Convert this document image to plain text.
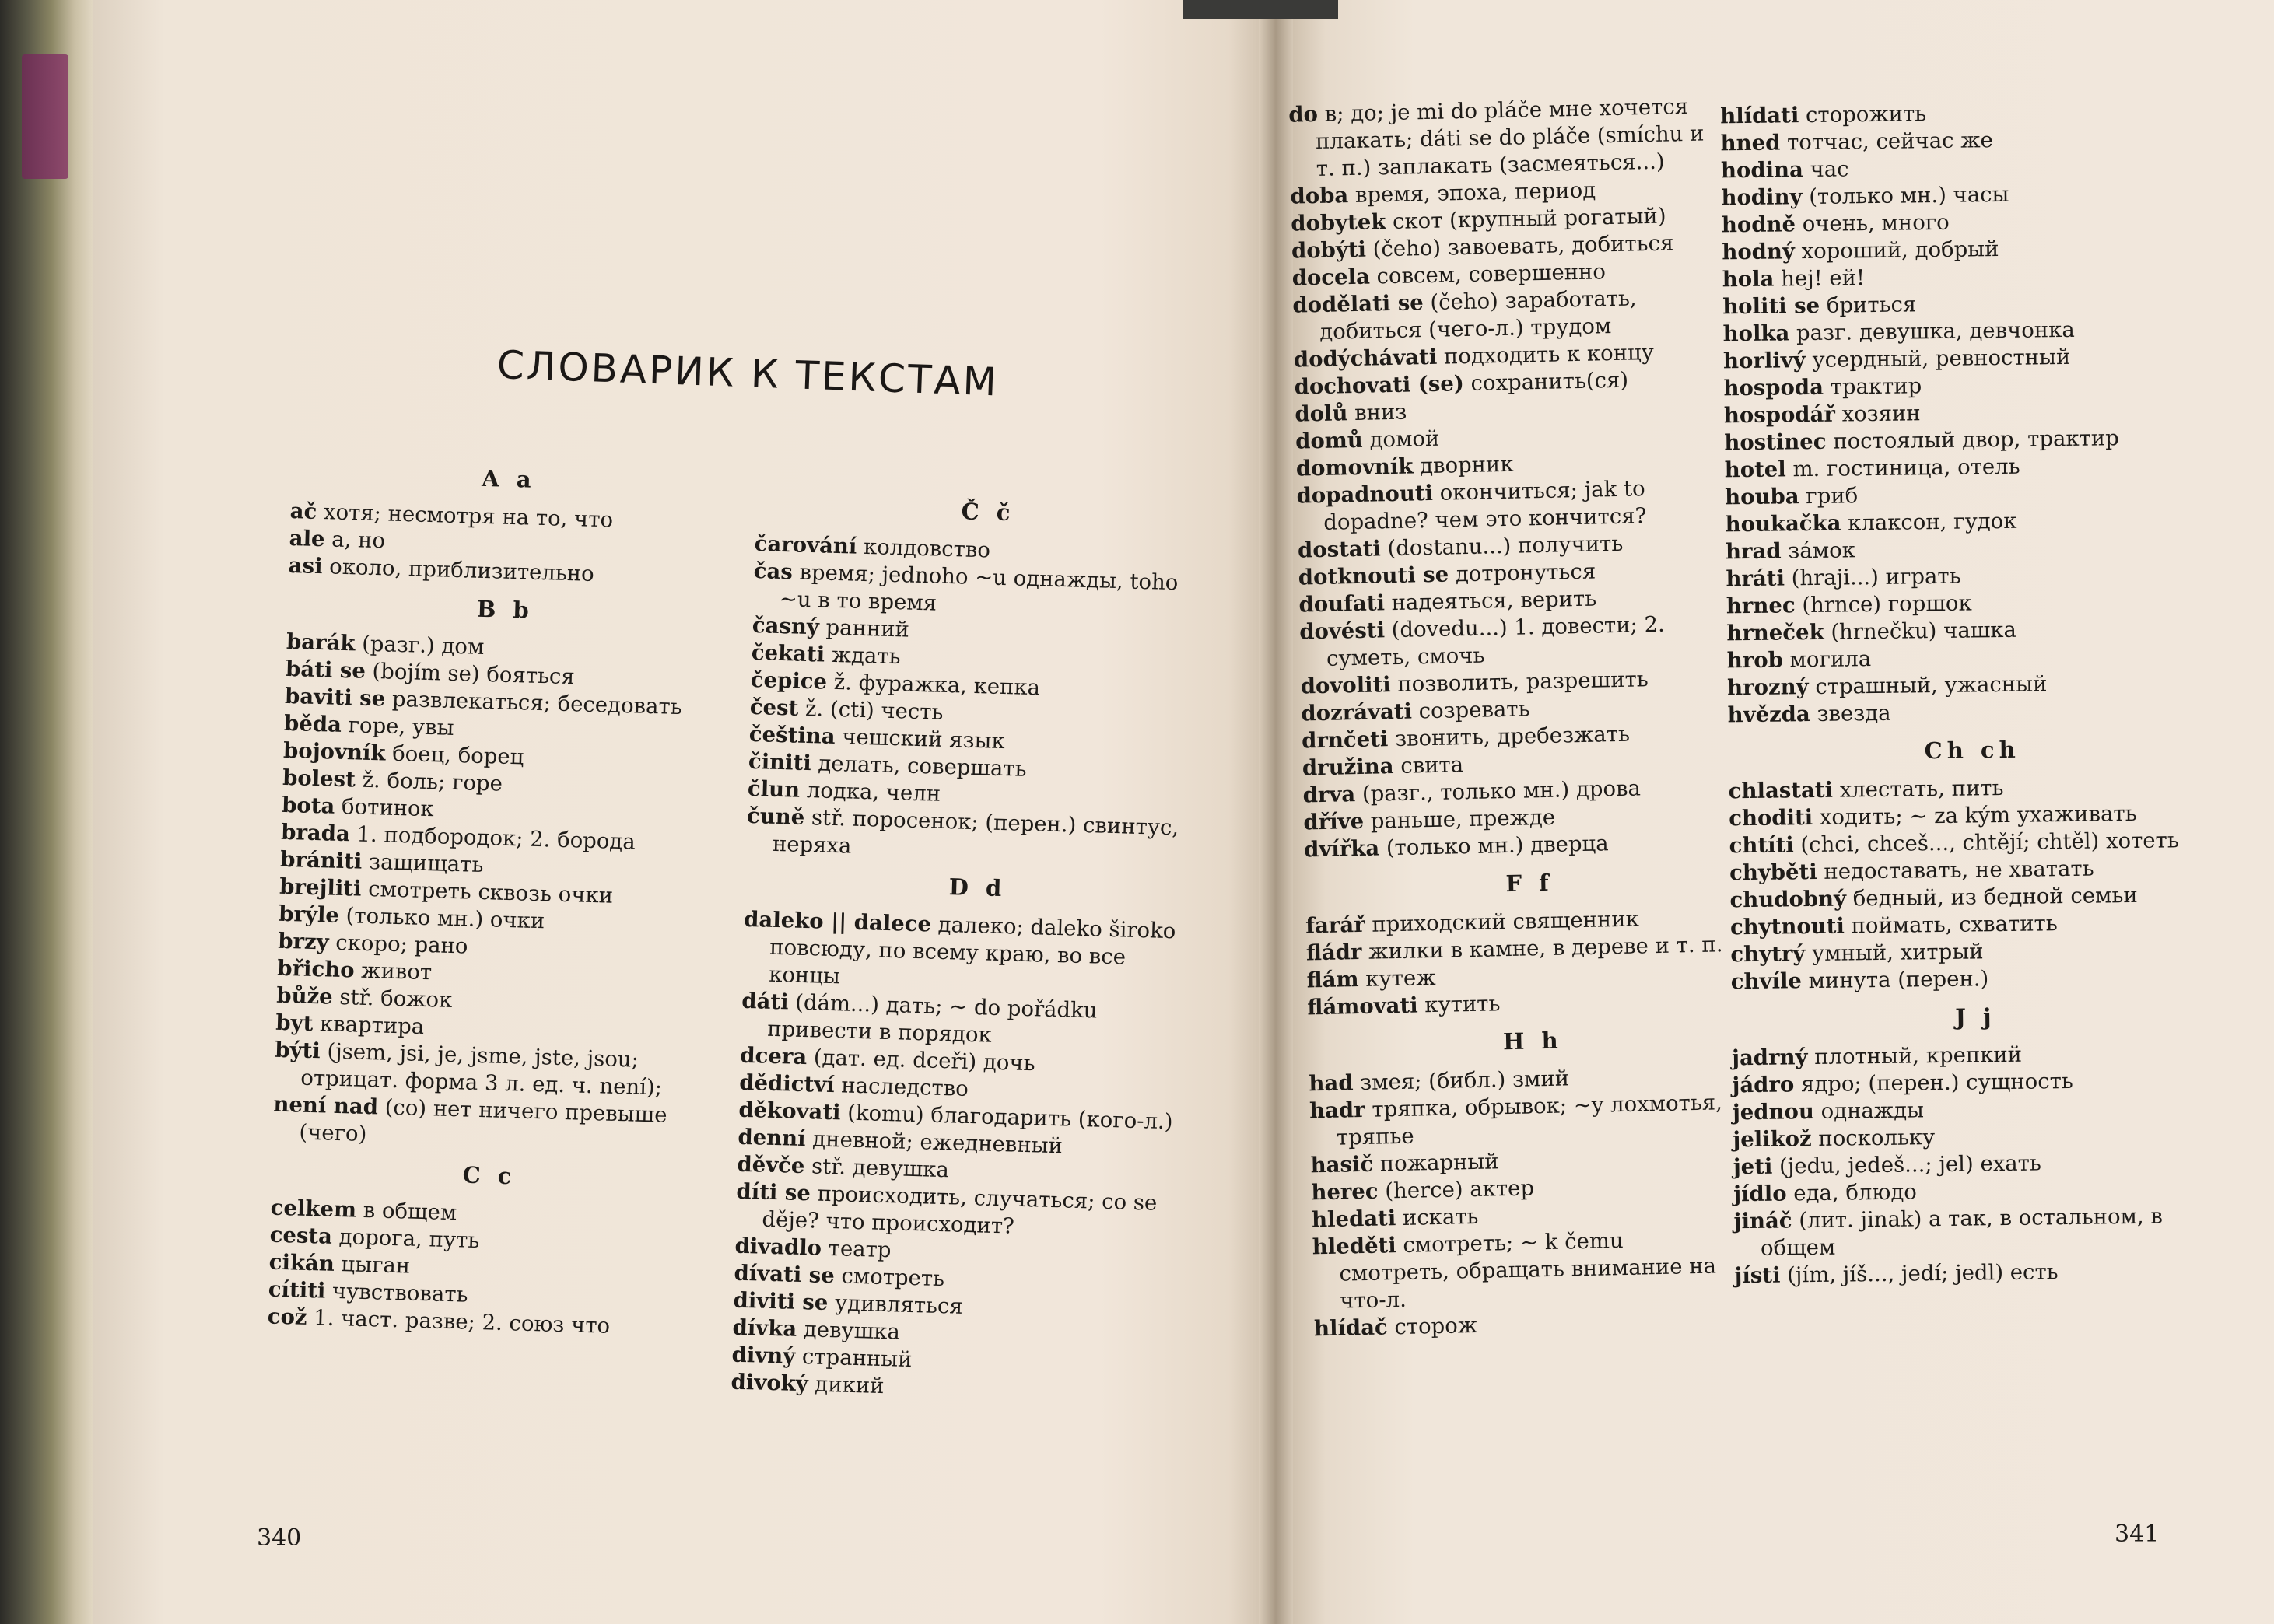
СЛОВАРИК К ТЕКСТАМ
A a

ač хотя; несмотря на то, что

ale а, но

asi около, приблизительно

B b

barák (разг.) дом

báti se (bojím se) бояться

baviti se развлекаться; беседовать

běda горе, увы

bojovník боец, борец

bolest ž. боль; горе

bota ботинок

brada 1. подбородок; 2. борода

brániti защищать

brejliti смотреть сквозь очки

brýle (только мн.) очки

brzy скоро; рано

břicho живот

bůže stř. божок

byt квартира

býti (jsem, jsi, je, jsme, jste, jsou; отрицат. форма 3 л. ед. ч. není);

není nad (co) нет ничего превыше (чего)

C c

celkem в общем

cesta дорога, путь

cikán цыган

cítiti чувствовать

což 1. част. разве; 2. союз что

Č č

čarování колдовство

čas время; jednoho ~u однажды, toho ~u в то время

časný ранний

čekati ждать

čepice ž. фуражка, кепка

čest ž. (cti) честь

čeština чешский язык

činiti делать, совершать

člun лодка, челн

čuně stř. поросенок; (перен.) свинтус, неряха

D d

daleko || dalece далеко; daleko široko повсюду, по всему краю, во все концы

dáti (dám...) дать; ~ do pořádku привести в порядок

dcera (дат. ед. dceři) дочь

dědictví наследство

děkovati (komu) благодарить (кого-л.)

denní дневной; ежедневный

děvče stř. девушка

díti se происходить, случаться; co se děje? что происходит?

divadlo театр

dívati se смотреть

diviti se удивляться

dívka девушка

divný странный

divoký дикий

do в; до; je mi do pláče мне хочется плакать; dáti se do pláče (smíchu и т. п.) заплакать (засмеяться...)

doba время, эпоха, период

dobytek скот (крупный рогатый)

dobýti (čeho) завоевать, добиться

docela совсем, совершенно

dodělati se (čeho) заработать, добиться (чего-л.) трудом

dodýchávati подходить к концу

dochovati (se) сохранить(ся)

dolů вниз

domů домой

domovník дворник

dopadnouti окончиться; jak to dopadne? чем это кончится?

dostati (dostanu...) получить

dotknouti se дотронуться

doufati надеяться, верить

dovésti (dovedu...) 1. довести; 2. суметь, смочь

dovoliti позволить, разрешить

dozrávati созревать

drnčeti звонить, дребезжать

družina свита

drva (разг., только мн.) дрова

dříve раньше, прежде

dvířka (только мн.) дверца

F f

farář приходский священник

fládr жилки в камне, в дереве и т. п.

flám кутеж

flámovati кутить

H h

had змея; (библ.) змий

hadr тряпка, обрывок; ~y лохмотья, тряпье

hasič пожарный

herec (herce) актер

hledati искать

hleděti смотреть; ~ k čemu смотреть, обращать внимание на что-л.

hlídač сторож

hlídati сторожить

hned тотчас, сейчас же

hodina час

hodiny (только мн.) часы

hodně очень, много

hodný хороший, добрый

hola hej! ей!

holiti se бриться

holka разг. девушка, девчонка

horlivý усердный, ревностный

hospoda трактир

hospodář хозяин

hostinec постоялый двор, трактир

hotel m. гостиница, отель

houba гриб

houkačka клаксон, гудок

hrad зáмок

hráti (hraji...) играть

hrnec (hrnce) горшок

hrneček (hrnečku) чашка

hrob могила

hrozný страшный, ужасный

hvězda звезда

Ch ch

chlastati хлестать, пить

choditi ходить; ~ za kým ухаживать

chtíti (chci, chceš..., chtějí; chtěl) хотеть

chyběti недоставать, не хватать

chudobný бедный, из бедной семьи

chytnouti поймать, схватить

chytrý умный, хитрый

chvíle минута (перен.)

J j

jadrný плотный, крепкий

jádro ядро; (перен.) сущность

jednou однажды

jelikož поскольку

jeti (jedu, jedeš...; jel) ехать

jídlo еда, блюдо

jináč (лит. jinak) а так, в остальном, в общем

jísti (jím, jíš..., jedí; jedl) есть

340	341
